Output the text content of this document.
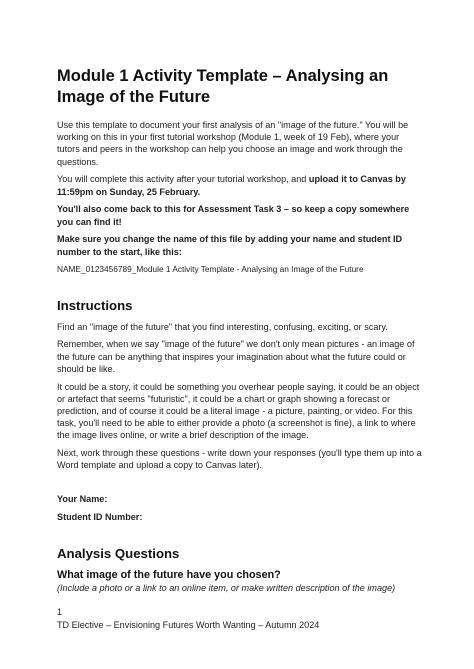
Module 1 Activity Template – Analysing an Image of the Future

Use this template to document your first analysis of an "image of the future." You will be working on this in your first tutorial workshop (Module 1, week of 19 Feb), where your tutors and peers in the workshop can help you choose an image and work through the questions.

You will complete this activity after your tutorial workshop, and upload it to Canvas by 11:59pm on Sunday, 25 February.

You'll also come back to this for Assessment Task 3 – so keep a copy somewhere you can find it!

Make sure you change the name of this file by adding your name and student ID number to the start, like this:

NAME_0123456789_Module 1 Activity Template - Analysing an Image of the Future

Instructions

Find an "image of the future" that you find interesting, confusing, exciting, or scary.

Remember, when we say "image of the future" we don't only mean pictures - an image of the future can be anything that inspires your imagination about what the future could or should be like.

It could be a story, it could be something you overhear people saying, it could be an object or artefact that seems "futuristic", it could be a chart or graph showing a forecast or prediction, and of course it could be a literal image - a picture, painting, or video. For this task, you'll need to be able to either provide a photo (a screenshot is fine), a link to where the image lives online, or write a brief description of the image.

Next, work through these questions - write down your responses (you'll type them up into a Word template and upload a copy to Canvas later).

Your Name:
Student ID Number:
Analysis Questions
What image of the future have you chosen?

(Include a photo or a link to an online item, or make written description of the image)

1
TD Elective – Envisioning Futures Worth Wanting – Autumn 2024
